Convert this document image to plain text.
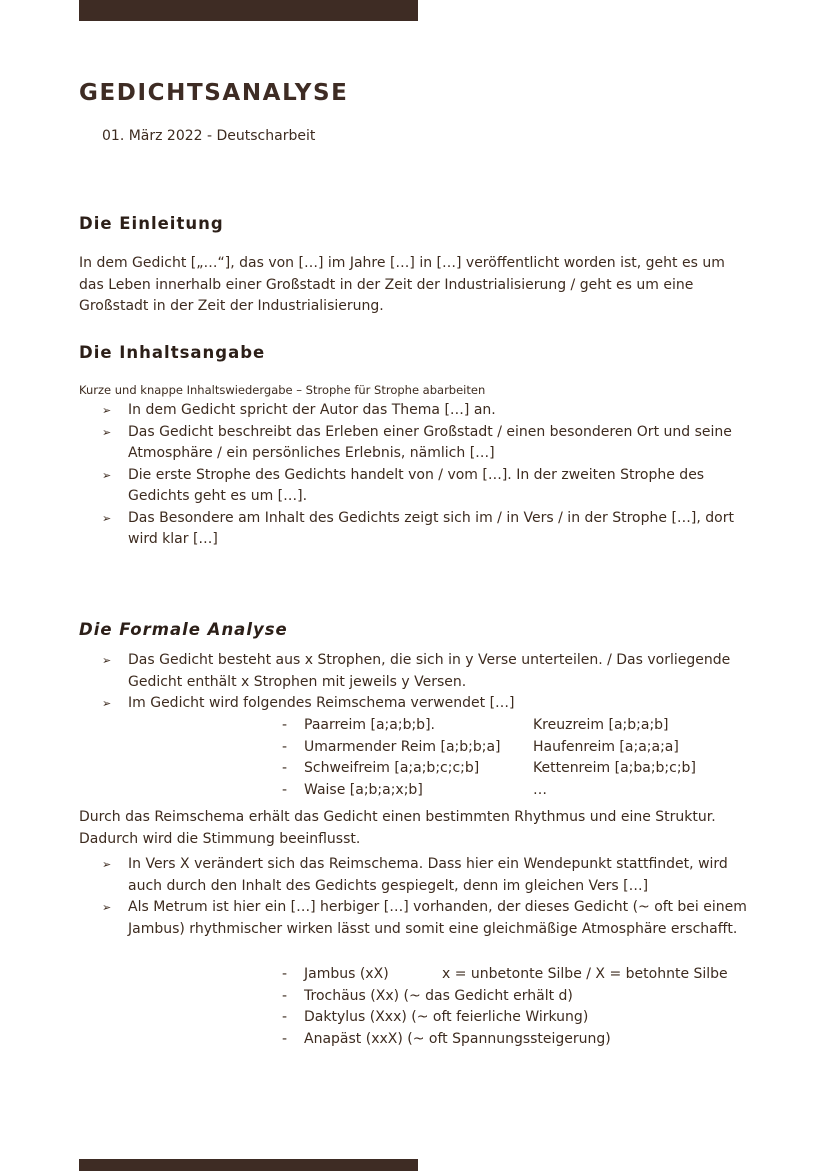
GEDICHTSANALYSE
01. März 2022 - Deutscharbeit
Die Einleitung

In dem Gedicht [„…“], das von […] im Jahre […] in […] veröffentlicht worden ist, geht es um das Leben innerhalb einer Großstadt in der Zeit der Industrialisierung / geht es um eine Großstadt in der Zeit der Industrialisierung.

Die Inhaltsangabe

Kurze und knappe Inhaltswiedergabe – Strophe für Strophe abarbeiten

➢ In dem Gedicht spricht der Autor das Thema […] an.
➢ Das Gedicht beschreibt das Erleben einer Großstadt / einen besonderen Ort und seine Atmosphäre / ein persönliches Erlebnis, nämlich […]
➢ Die erste Strophe des Gedichts handelt von / vom […]. In der zweiten Strophe des Gedichts geht es um […].
➢ Das Besondere am Inhalt des Gedichts zeigt sich im / in Vers / in der Strophe […], dort wird klar […]
Die Formale Analyse
➢ Das Gedicht besteht aus x Strophen, die sich in y Verse unterteilen. / Das vorliegende Gedicht enthält x Strophen mit jeweils y Versen.
➢ Im Gedicht wird folgendes Reimschema verwendet […]
-	Paarreim [a;a;b;b].	Kreuzreim [a;b;a;b]
-	Umarmender Reim [a;b;b;a]	Haufenreim [a;a;a;a]
-	Schweifreim [a;a;b;c;c;b]	Kettenreim [a;ba;b;c;b]
-	Waise [a;b;a;x;b]	…

Durch das Reimschema erhält das Gedicht einen bestimmten Rhythmus und eine Struktur. Dadurch wird die Stimmung beeinflusst.

➢ In Vers X verändert sich das Reimschema. Dass hier ein Wendepunkt stattfindet, wird auch durch den Inhalt des Gedichts gespiegelt, denn im gleichen Vers […]
➢ Als Metrum ist hier ein […] herbiger […] vorhanden, der dieses Gedicht (~ oft bei einem Jambus) rhythmischer wirken lässt und somit eine gleichmäßige Atmosphäre erschafft.
-	Jambus (xX)	x = unbetonte Silbe / X = betohnte Silbe
-	Trochäus (Xx) (~ das Gedicht erhält d)
-	Daktylus (Xxx) (~ oft feierliche Wirkung)
-	Anapäst (xxX) (~ oft Spannungssteigerung)
